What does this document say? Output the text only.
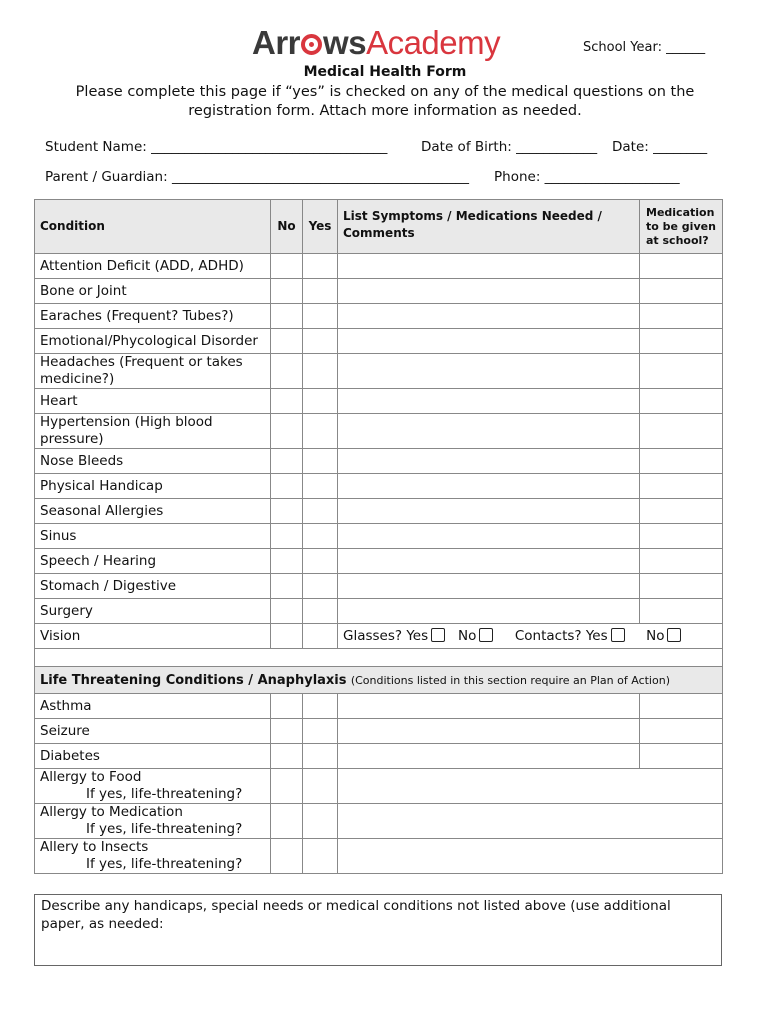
Arr wsAcademy	School Year: ______
Medical Health Form
Please complete this page if “yes” is checked on any of the medical questions on the registration form. Attach more information as needed.
Student Name: ___________________________________ Date of Birth: ____________ Date: ________
Parent / Guardian: ____________________________________________ Phone: ____________________
Condition	No	Yes	List Symptoms / Medications Needed / Comments	Medication to be given at school?
Attention Deficit (ADD, ADHD)				
Bone or Joint				
Earaches (Frequent? Tubes?)				
Emotional/Phycological Disorder				
Headaches (Frequent or takes medicine?)				
Heart				
Hypertension (High blood pressure)				
Nose Bleeds				
Physical Handicap				
Seasonal Allergies				
Sinus				
Speech / Hearing				
Stomach / Digestive				
Surgery				
Vision			Glasses? Yes No Contacts? Yes No	

Life Threatening Conditions / Anaphylaxis (Conditions listed in this section require an Plan of Action)				
Asthma				
Seizure				
Diabetes				
Allergy to Food
If yes, life-threatening?				

Allergy to Medication
If yes, life-threatening?				

Allery to Insects
If yes, life-threatening?				

Describe any handicaps, special needs or medical conditions not listed above (use additional paper, as needed:
